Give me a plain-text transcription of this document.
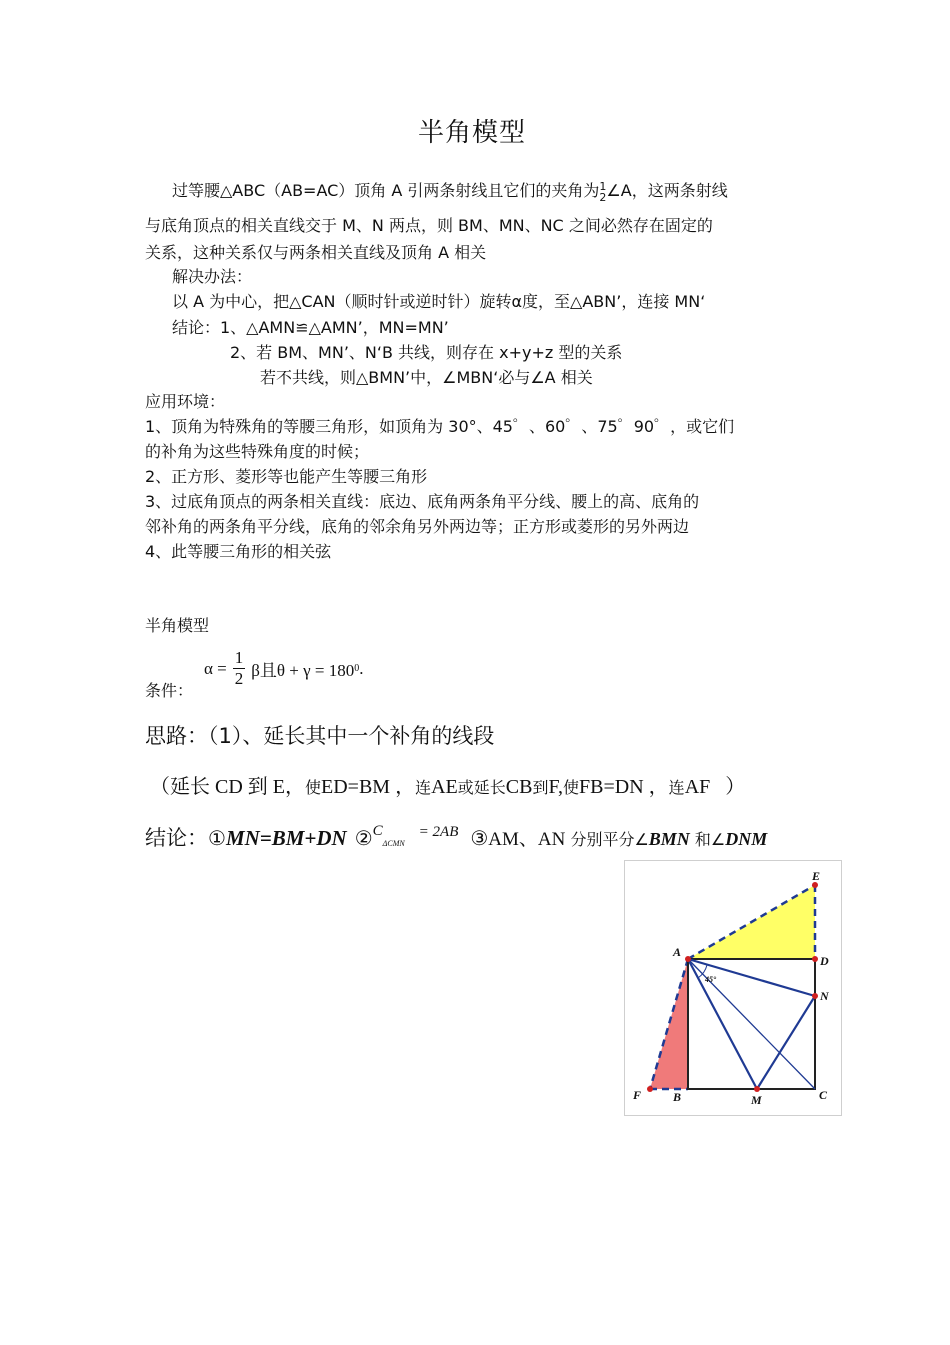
半角模型
过等腰△ABC（AB=AC）顶角 A 引两条射线且它们的夹角为 1
2 ∠A，这两条射线
与底角顶点的相关直线交于 M、N 两点，则 BM、MN、NC 之间必然存在固定的
关系，这种关系仅与两条相关直线及顶角 A 相关
解决办法：
以 A 为中心，把△CAN（顺时针或逆时针）旋转α度，至△ABN’，连接 MN‘
结论：1、△AMN≌△AMN’，MN=MN’
2、若 BM、MN’、N‘B 共线，则存在 x+y+z 型的关系
若不共线，则△BMN’中，∠MBN‘必与∠A 相关
应用环境：
1、顶角为特殊角的等腰三角形，如顶角为 30°、45゜、60゜、75゜90゜，或它们
的补角为这些特殊角度的时候；
2、正方形、菱形等也能产生等腰三角形
3、过底角顶点的两条相关直线：底边、底角两条角平分线、腰上的高、底角的
邻补角的两条角平分线，底角的邻余角另外两边等；正方形或菱形的另外两边
4、此等腰三角形的相关弦
半角模型
条件：
$\alpha = \frac{1}{2}$ β且θ + γ = 180 0 .
思路：（1）、延长其中一个补角的线段
（延长 CD 到 E， 使 ED=BM ， 连 AE 或延长 CB 到 F, 使 FB=DN ， 连 AF ）
结论： ① MN=BM+DN ② CΔCMN
= 2AB ③ AM、AN 分别平分∠ BMN 和∠ DNM
E
A
D
N
F	B	M	C
45°
